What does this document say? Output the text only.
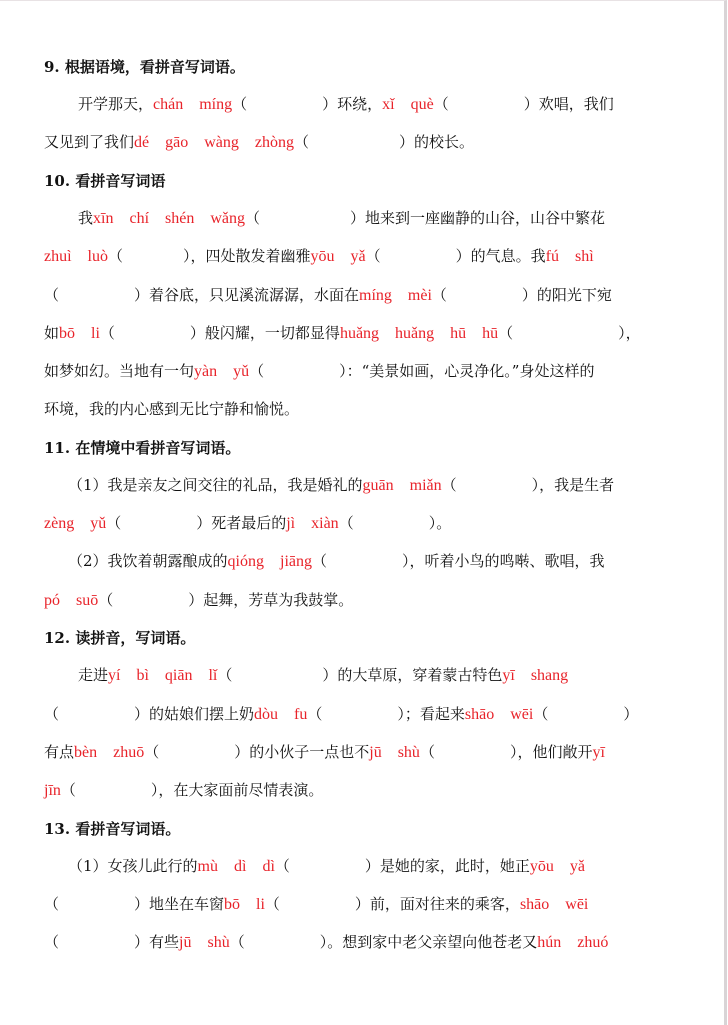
9. 根据语境，看拼音写词语。
开学那天，chán　míng（　　　　　）环绕，xǐ　què（　　　　　）欢唱，我们
又见到了我们dé　gāo　wàng　zhòng（　　　　　　）的校长。
10. 看拼音写词语
我xīn　chí　shén　wǎng（　　　　　　）地来到一座幽静的山谷，山谷中繁花
zhuì　luò（　　　　），四处散发着幽雅yōu　yǎ（　　　　　）的气息。我fú　shì
（　　　　　）着谷底，只见溪流潺潺，水面在míng　mèi（　　　　　）的阳光下宛
如bō　li（　　　　　）般闪耀，一切都显得huǎng　huǎng　hū　hū（　　　　　　　），
如梦如幻。当地有一句yàn　yǔ（　　　　　）：“美景如画，心灵净化。”身处这样的
环境，我的内心感到无比宁静和愉悦。
11. 在情境中看拼音写词语。
（1）我是亲友之间交往的礼品，我是婚礼的guān　miǎn（　　　　　），我是生者
zèng　yǔ（　　　　　）死者最后的jì　xiàn（　　　　　）。
（2）我饮着朝露酿成的qióng　jiāng（　　　　　），听着小鸟的鸣啭、歌唱，我
pó　suō（　　　　　）起舞，芳草为我鼓掌。
12. 读拼音，写词语。
走进yí　bì　qiān　lǐ（　　　　　　）的大草原，穿着蒙古特色yī　shang
（　　　　　）的姑娘们摆上奶dòu　fu（　　　　　）；看起来shāo　wēi（　　　　　）
有点bèn　zhuō（　　　　　）的小伙子一点也不jū　shù（　　　　　），他们敞开yī
jīn（　　　　　），在大家面前尽情表演。
13. 看拼音写词语。
（1）女孩儿此行的mù　dì　dì（　　　　　）是她的家，此时，她正yōu　yǎ
（　　　　　）地坐在车窗bō　li（　　　　　）前，面对往来的乘客，shāo　wēi
（　　　　　）有些jū　shù（　　　　　）。想到家中老父亲望向他苍老又hún　zhuó
